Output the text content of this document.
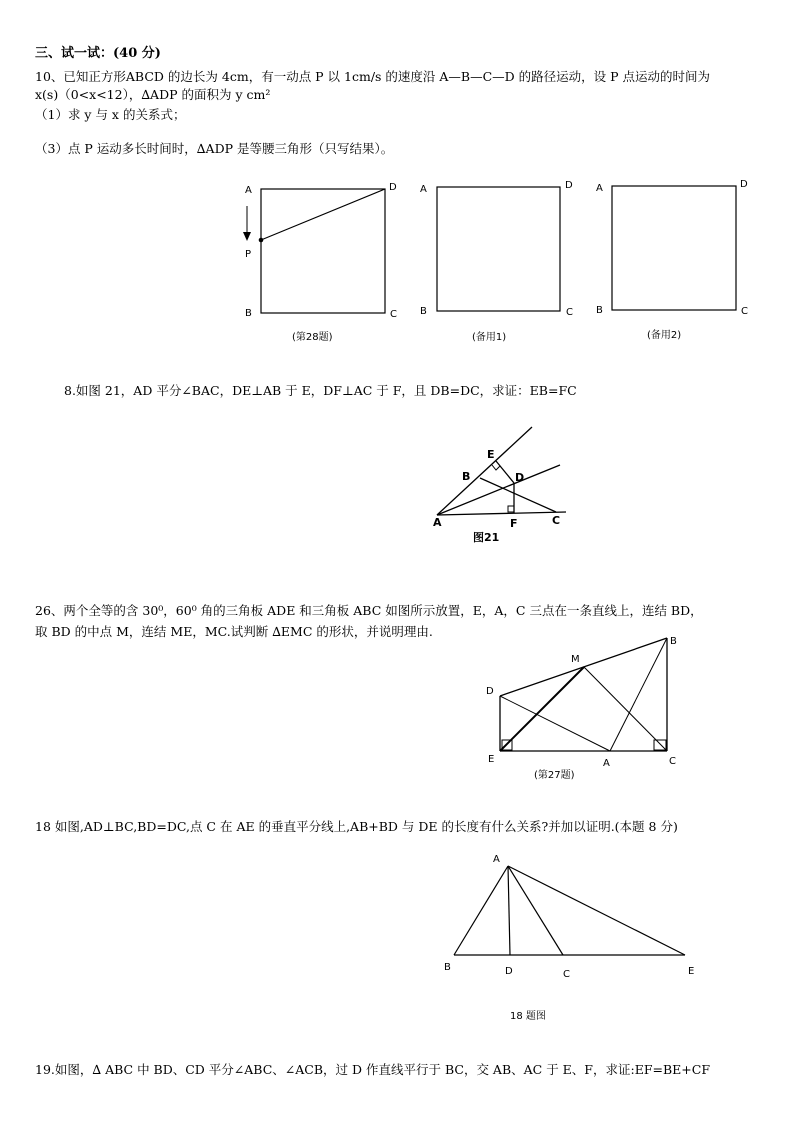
三、试一试：(40 分)
10、已知正方形ABCD 的边长为 4cm，有一动点 P 以 1cm/s 的速度沿 A—B—C—D 的路径运动，设 P 点运动的时间为
x(s)（0<x<12），∆ADP 的面积为 y cm²
（1）求 y 与 x 的关系式；
（3）点 P 运动多长时间时，∆ADP 是等腰三角形（只写结果）。
A	D
P
B	C
(第28题)
A	D
B	C
(备用1)
A	D
B	C
(备用2)
E
B	D
A	F	C
图21
M
B
D
E	A	C
(第27题)
A
B	D	C	E
18 题图
8.如图 21，AD 平分∠BAC，DE⊥AB 于 E，DF⊥AC 于 F，且 DB=DC，求证：EB=FC
26、两个全等的含 30⁰，60⁰ 角的三角板 ADE 和三角板 ABC 如图所示放置，E，A，C 三点在一条直线上，连结 BD，
取 BD 的中点 M，连结 ME，MC.试判断 ∆EMC 的形状，并说明理由.
18 如图,AD⊥BC,BD=DC,点 C 在 AE 的垂直平分线上,AB+BD 与 DE 的长度有什么关系?并加以证明.(本题 8 分)
19.如图，∆ ABC 中 BD、CD 平分∠ABC、∠ACB，过 D 作直线平行于 BC，交 AB、AC 于 E、F，求证:EF=BE+CF
